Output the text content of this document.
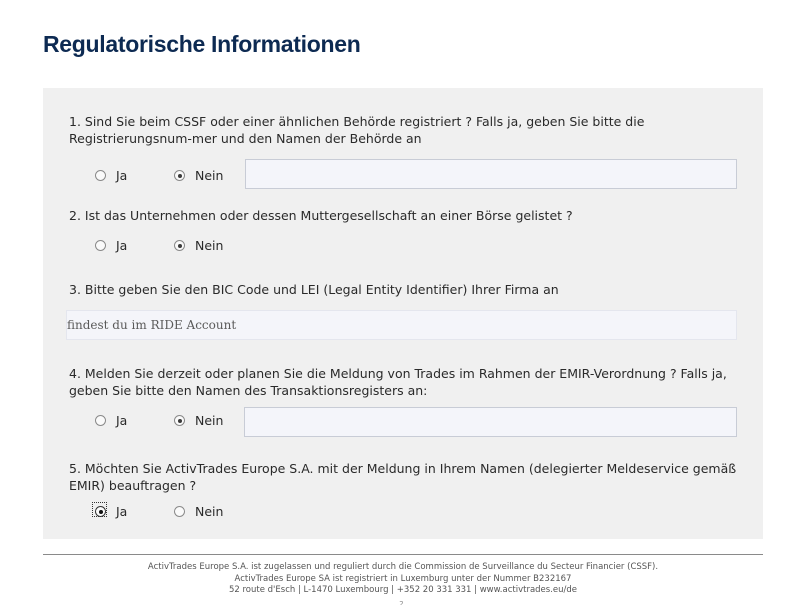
Regulatorische Informationen
1. Sind Sie beim CSSF oder einer ähnlichen Behörde registriert ? Falls ja, geben Sie bitte die Registrierungsnum-mer und den Namen der Behörde an
Ja	Nein
2. Ist das Unternehmen oder dessen Muttergesellschaft an einer Börse gelistet ?
Ja	Nein
3. Bitte geben Sie den BIC Code und LEI (Legal Entity Identifier) Ihrer Firma an
findest du im RIDE Account
4. Melden Sie derzeit oder planen Sie die Meldung von Trades im Rahmen der EMIR-Verordnung ? Falls ja, geben Sie bitte den Namen des Transaktionsregisters an:
Ja	Nein
5. Möchten Sie ActivTrades Europe S.A. mit der Meldung in Ihrem Namen (delegierter Meldeservice gemäß EMIR) beauftragen ?
Ja	Nein
ActivTrades Europe S.A. ist zugelassen und reguliert durch die Commission de Surveillance du Secteur Financier (CSSF).
ActivTrades Europe SA ist registriert in Luxemburg unter der Nummer B232167
52 route d'Esch | L-1470 Luxembourg | +352 20 331 331 | www.activtrades.eu/de
2
